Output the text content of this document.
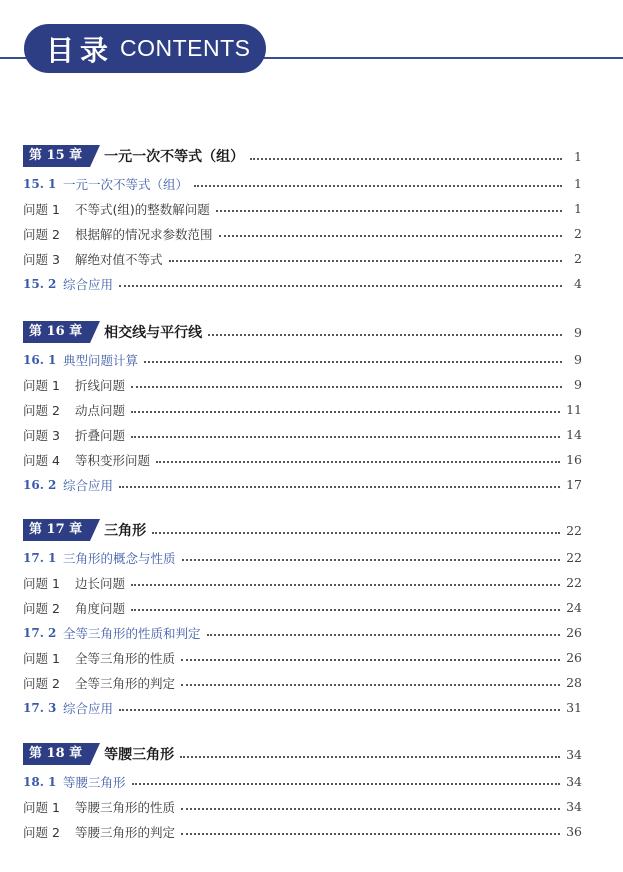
目录 CONTENTS
第 15 章	一元一次不等式（组）	1
15. 1 一元一次不等式（组）	1
问题 1	不等式(组)的整数解问题	1
问题 2	根据解的情况求参数范围	2
问题 3	解绝对值不等式	2
15. 2 综合应用	4
第 16 章	相交线与平行线	9
16. 1 典型问题计算	9
问题 1	折线问题	9
问题 2	动点问题	11
问题 3	折叠问题	14
问题 4	等积变形问题	16
16. 2 综合应用	17
第 17 章	三角形	22
17. 1 三角形的概念与性质	22
问题 1	边长问题	22
问题 2	角度问题	24
17. 2 全等三角形的性质和判定	26
问题 1	全等三角形的性质	26
问题 2	全等三角形的判定	28
17. 3 综合应用	31
第 18 章	等腰三角形	34
18. 1 等腰三角形	34
问题 1	等腰三角形的性质	34
问题 2	等腰三角形的判定	36
